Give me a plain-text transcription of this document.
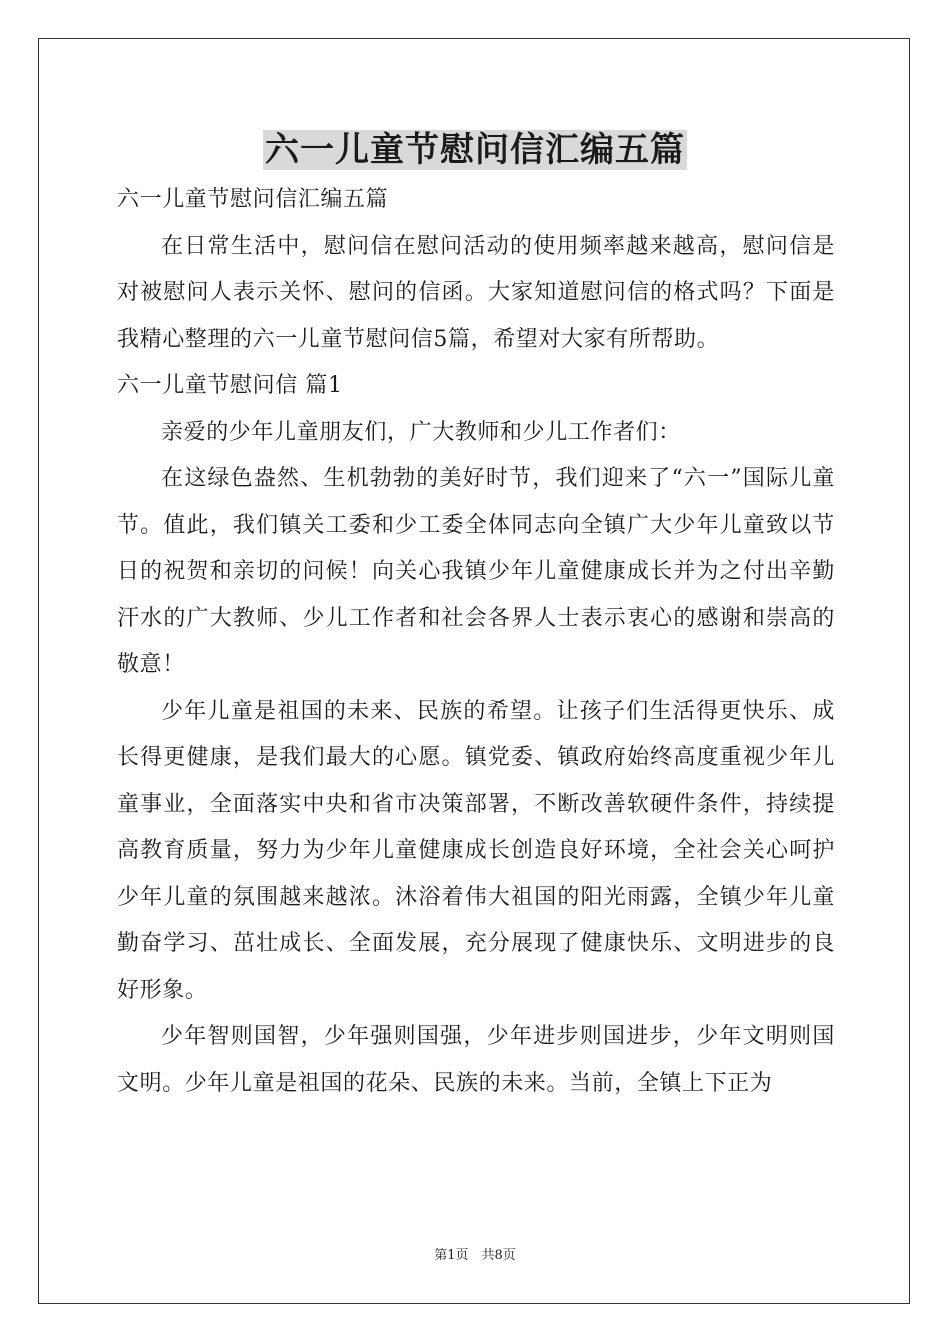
六一儿童节慰问信汇编五篇

六一儿童节慰问信汇编五篇

在日常生活中，慰问信在慰问活动的使用频率越来越高，慰问信是对被慰问人表示关怀、慰问的信函。大家知道慰问信的格式吗？下面是我精心整理的六一儿童节慰问信5篇，希望对大家有所帮助。

六一儿童节慰问信 篇1

亲爱的少年儿童朋友们，广大教师和少儿工作者们：

在这绿色盎然、生机勃勃的美好时节，我们迎来了“六一”国际儿童节。值此，我们镇关工委和少工委全体同志向全镇广大少年儿童致以节日的祝贺和亲切的问候！向关心我镇少年儿童健康成长并为之付出辛勤汗水的广大教师、少儿工作者和社会各界人士表示衷心的感谢和崇高的敬意！

少年儿童是祖国的未来、民族的希望。让孩子们生活得更快乐、成长得更健康，是我们最大的心愿。镇党委、镇政府始终高度重视少年儿童事业，全面落实中央和省市决策部署，不断改善软硬件条件，持续提高教育质量，努力为少年儿童健康成长创造良好环境，全社会关心呵护少年儿童的氛围越来越浓。沐浴着伟大祖国的阳光雨露，全镇少年儿童勤奋学习、茁壮成长、全面发展，充分展现了健康快乐、文明进步的良好形象。

少年智则国智，少年强则国强，少年进步则国进步，少年文明则国文明。少年儿童是祖国的花朵、民族的未来。当前，全镇上下正为

第1页　共8页
